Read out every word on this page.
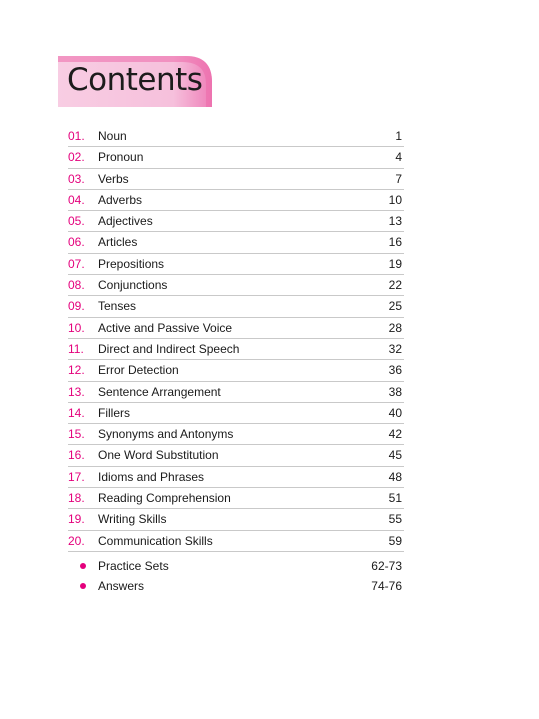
Contents
01. Noun	1
02. Pronoun	4
03. Verbs	7
04. Adverbs	10
05. Adjectives	13
06. Articles	16
07. Prepositions	19
08. Conjunctions	22
09. Tenses	25
10. Active and Passive Voice	28
11. Direct and Indirect Speech	32
12. Error Detection	36
13. Sentence Arrangement	38
14. Fillers	40
15. Synonyms and Antonyms	42
16. One Word Substitution	45
17. Idioms and Phrases	48
18. Reading Comprehension	51
19. Writing Skills	55
20. Communication Skills	59
Practice Sets	62-73
Answers	74-76
